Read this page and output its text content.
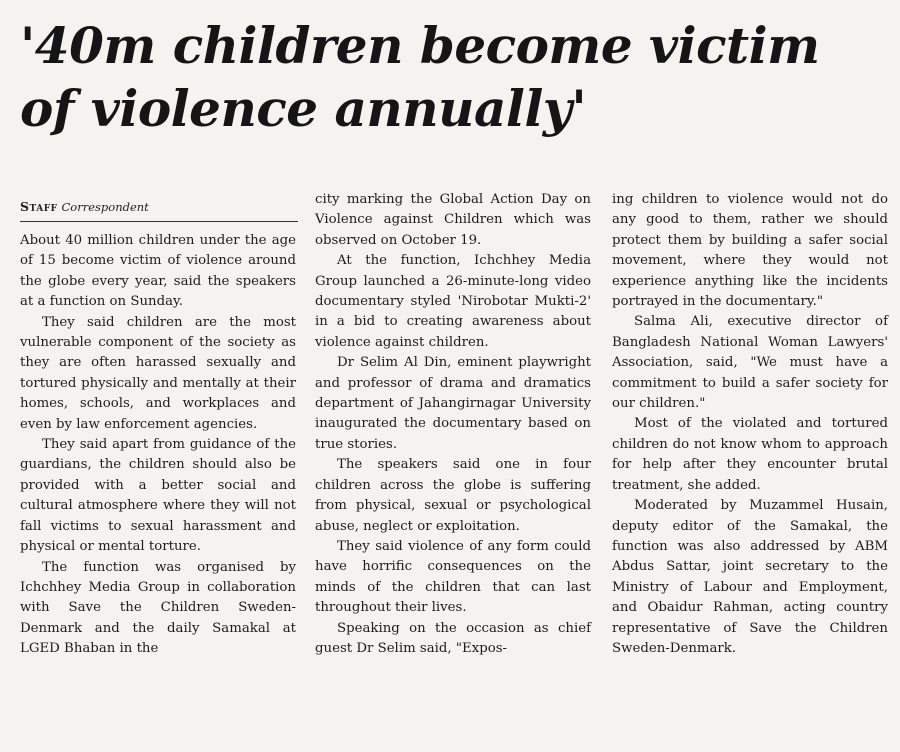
'40m children become victim
of violence annually'
Staff Correspondent

About 40 million children under the age of 15 become victim of violence around the globe every year, said the speakers at a function on Sunday.

They said children are the most vulnerable component of the society as they are often harassed sexually and tortured physically and mentally at their homes, schools, and workplaces and even by law enforcement agencies.

They said apart from guidance of the guardians, the children should also be provided with a better social and cultural atmosphere where they will not fall victims to sexual harassment and physical or mental torture.

The function was organised by Ichchhey Media Group in collaboration with Save the Children Sweden-Denmark and the daily Samakal at LGED Bhaban in the

city marking the Global Action Day on Violence against Children which was observed on October 19.

At the function, Ichchhey Media Group launched a 26-minute-long video documentary styled 'Nirobotar Mukti-2' in a bid to creating awareness about violence against children.

Dr Selim Al Din, eminent playwright and professor of drama and dramatics department of Jahangirnagar University inaugurated the documentary based on true stories.

The speakers said one in four children across the globe is suffering from physical, sexual or psychological abuse, neglect or exploitation.

They said violence of any form could have horrific consequences on the minds of the children that can last throughout their lives.

Speaking on the occasion as chief guest Dr Selim said, "Expos-

ing children to violence would not do any good to them, rather we should protect them by building a safer social movement, where they would not experience anything like the incidents portrayed in the documentary."

Salma Ali, executive director of Bangladesh National Woman Lawyers' Association, said, "We must have a commitment to build a safer society for our children."

Most of the violated and tortured children do not know whom to approach for help after they encounter brutal treatment, she added.

Moderated by Muzammel Husain, deputy editor of the Samakal, the function was also addressed by ABM Abdus Sattar, joint secretary to the Ministry of Labour and Employment, and Obaidur Rahman, acting country representative of Save the Children Sweden-Denmark.
